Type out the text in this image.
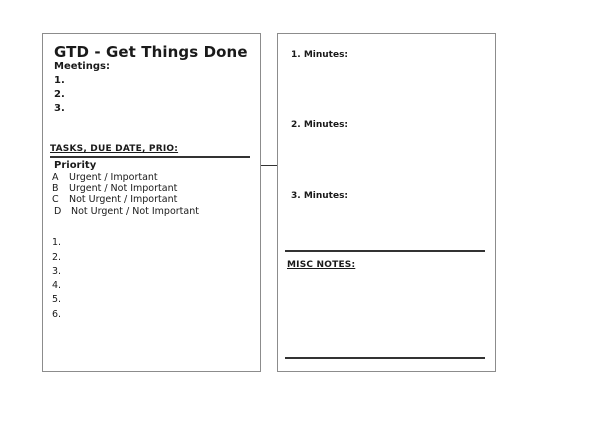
GTD - Get Things Done
Meetings:
1.
2.
3.
TASKS, DUE DATE, PRIO:
Priority
A Urgent / Important
B Urgent / Not Important
C Not Urgent / Important
D Not Urgent / Not Important
1.
2.
3.
4.
5.
6.
1. Minutes:
2. Minutes:
3. Minutes:
MISC NOTES:
